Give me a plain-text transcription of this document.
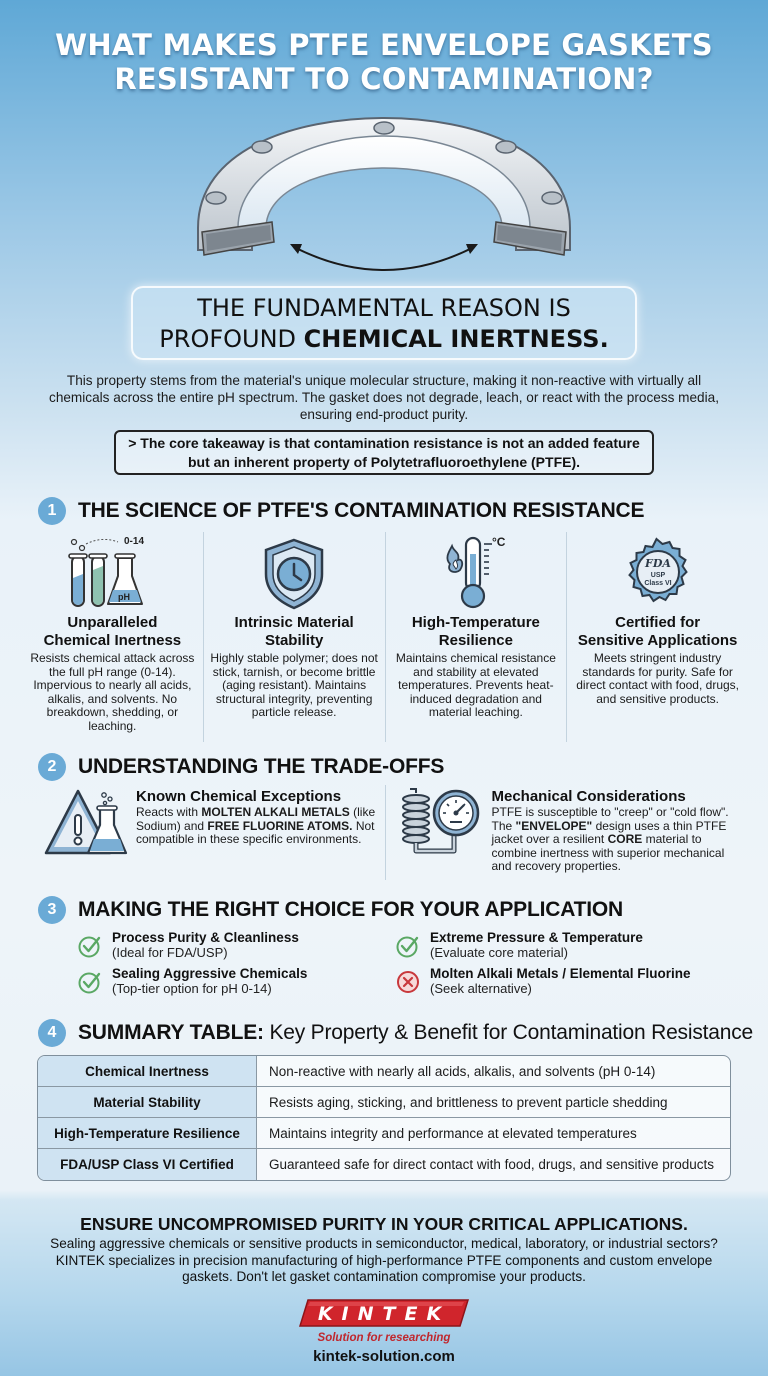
WHAT MAKES PTFE ENVELOPE GASKETS
RESISTANT TO CONTAMINATION?
THE FUNDAMENTAL REASON IS
PROFOUND CHEMICAL INERTNESS.

This property stems from the material's unique molecular structure, making it non-reactive with virtually all chemicals across the entire pH spectrum. The gasket does not degrade, leach, or react with the process media, ensuring end-product purity.

> The core takeaway is that contamination resistance is not an added feature
but an inherent property of Polytetrafluoroethylene (PTFE).
1	THE SCIENCE OF PTFE'S CONTAMINATION RESISTANCE
0-14
pH
Unparalleled
Chemical Inertness

Resists chemical attack across the full pH range (0-14). Impervious to nearly all acids, alkalis, and solvents. No breakdown, shedding, or leaching.

Intrinsic Material
Stability

Highly stable polymer; does not stick, tarnish, or become brittle (aging resistant). Maintains structural integrity, preventing particle release.

°C
High-Temperature
Resilience

Maintains chemical resistance and stability at elevated temperatures. Prevents heat-induced degradation and material leaching.

FDA
USP
Class VI
Certified for
Sensitive Applications

Meets stringent industry standards for purity. Safe for direct contact with food, drugs, and sensitive products.

2	UNDERSTANDING THE TRADE-OFFS
Known Chemical Exceptions

Reacts with MOLTEN ALKALI METALS (like Sodium) and FREE FLUORINE ATOMS. Not compatible in these specific environments.

Mechanical Considerations

PTFE is susceptible to "creep" or "cold flow". The "ENVELOPE" design uses a thin PTFE jacket over a resilient CORE material to combine inertness with superior mechanical and recovery properties.

3	MAKING THE RIGHT CHOICE FOR YOUR APPLICATION
Process Purity & Cleanliness
(Ideal for FDA/USP)
Extreme Pressure & Temperature
(Evaluate core material)
Sealing Aggressive Chemicals
(Top-tier option for pH 0-14)
Molten Alkali Metals / Elemental Fluorine
(Seek alternative)
4	SUMMARY TABLE: Key Property & Benefit for Contamination Resistance
Chemical Inertness	Non-reactive with nearly all acids, alkalis, and solvents (pH 0-14)
Material Stability	Resists aging, sticking, and brittleness to prevent particle shedding
High-Temperature Resilience	Maintains integrity and performance at elevated temperatures
FDA/USP Class VI Certified	Guaranteed safe for direct contact with food, drugs, and sensitive products
ENSURE UNCOMPROMISED PURITY IN YOUR CRITICAL APPLICATIONS.

Sealing aggressive chemicals or sensitive products in semiconductor, medical, laboratory, or industrial sectors? KINTEK specializes in precision manufacturing of high-performance PTFE components and custom envelope gaskets. Don't let gasket contamination compromise your products.

KINTEK
Solution for researching
kintek-solution.com
